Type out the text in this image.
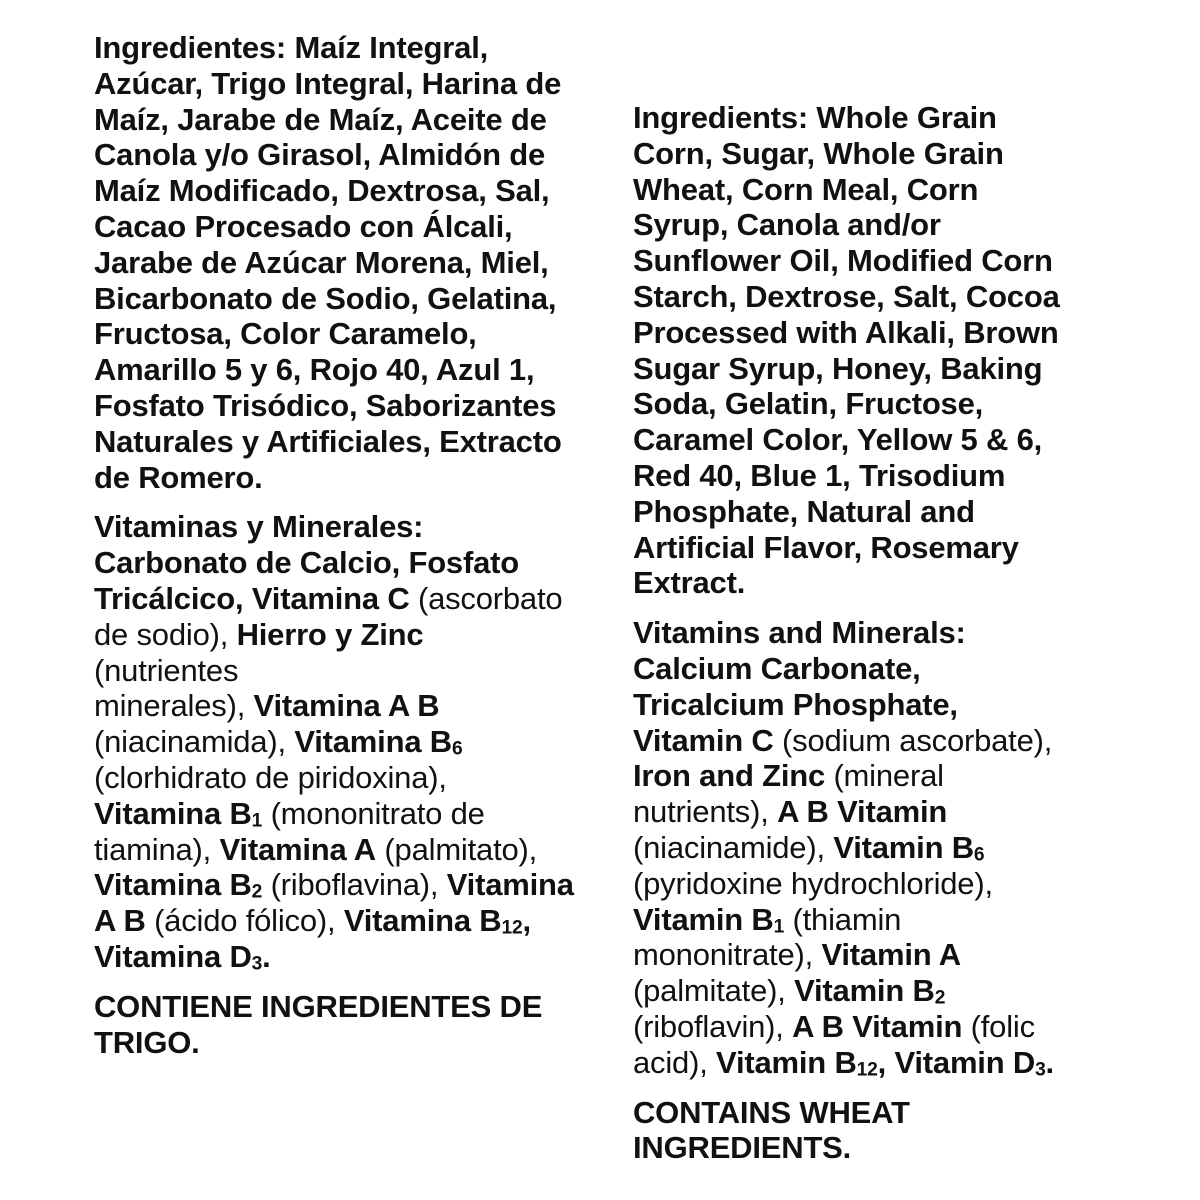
Ingredientes: Maíz Integral,
Azúcar, Trigo Integral, Harina de
Maíz, Jarabe de Maíz, Aceite de
Canola y/o Girasol, Almidón de
Maíz Modificado, Dextrosa, Sal,
Cacao Procesado con Álcali,
Jarabe de Azúcar Morena, Miel,
Bicarbonato de Sodio, Gelatina,
Fructosa, Color Caramelo,
Amarillo 5 y 6, Rojo 40, Azul 1,
Fosfato Trisódico, Saborizantes
Naturales y Artificiales, Extracto
de Romero.

Vitaminas y Minerales:
Carbonato de Calcio, Fosfato
Tricálcico, Vitamina C (ascorbato
de sodio), Hierro y Zinc (nutrientes
minerales), Vitamina A B
(niacinamida), Vitamina $B_6$
(clorhidrato de piridoxina),
Vitamina $B_1$ (mononitrato de
tiamina), Vitamina A (palmitato),
Vitamina $B_2$ (riboflavina), Vitamina
A B (ácido fólico), Vitamina $B_{12}$,
Vitamina $D_3$.

CONTIENE INGREDIENTES DE
TRIGO.

Ingredients: Whole Grain
Corn, Sugar, Whole Grain
Wheat, Corn Meal, Corn
Syrup, Canola and/or
Sunflower Oil, Modified Corn
Starch, Dextrose, Salt, Cocoa
Processed with Alkali, Brown
Sugar Syrup, Honey, Baking
Soda, Gelatin, Fructose,
Caramel Color, Yellow 5 & 6,
Red 40, Blue 1, Trisodium
Phosphate, Natural and
Artificial Flavor, Rosemary
Extract.

Vitamins and Minerals:
Calcium Carbonate,
Tricalcium Phosphate,
Vitamin C (sodium ascorbate),
Iron and Zinc (mineral
nutrients), A B Vitamin
(niacinamide), Vitamin $B_6$
(pyridoxine hydrochloride),
Vitamin $B_1$ (thiamin
mononitrate), Vitamin A
(palmitate), Vitamin $B_2$
(riboflavin), A B Vitamin (folic
acid), Vitamin $B_{12}$, Vitamin $D_3$.

CONTAINS WHEAT
INGREDIENTS.
